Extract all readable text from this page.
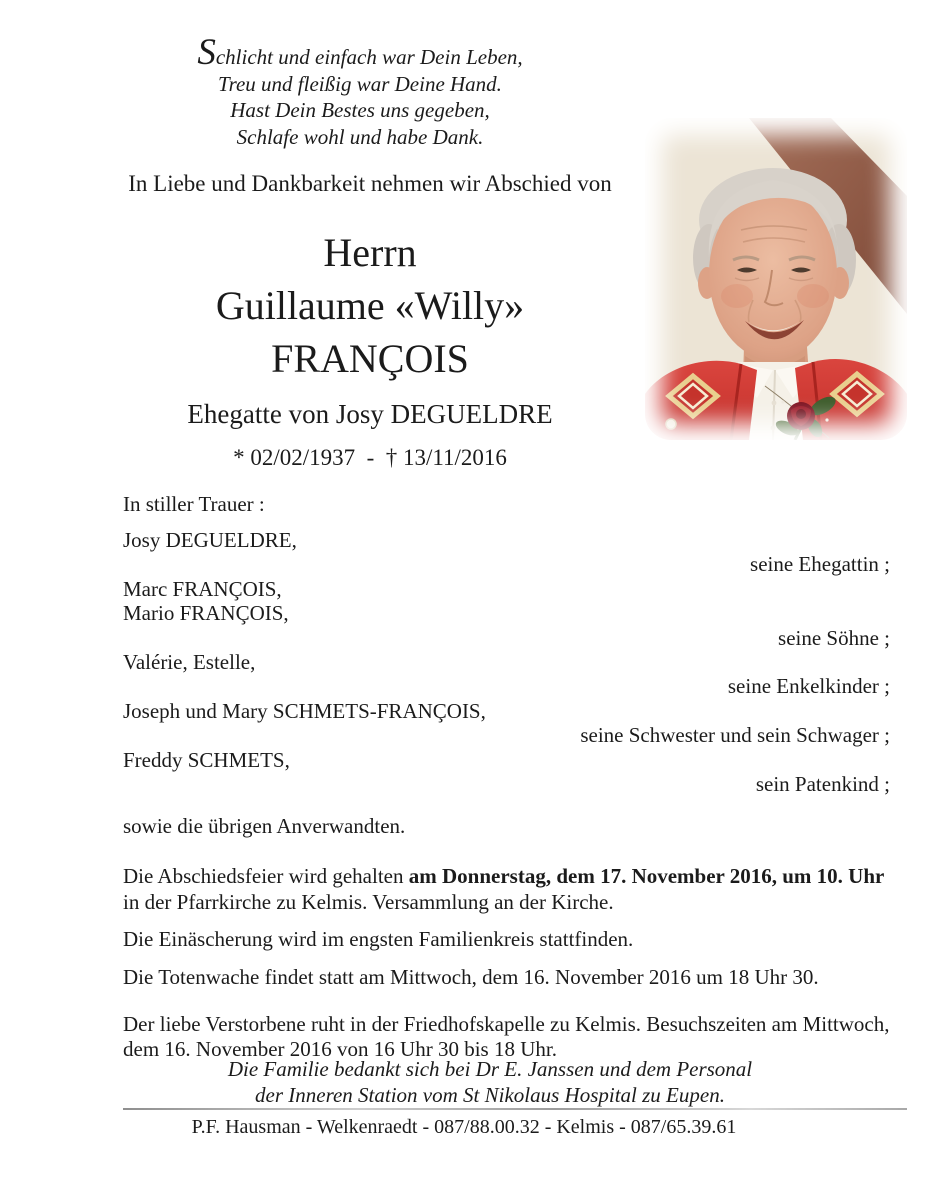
Schlicht und einfach war Dein Leben,
Treu und fleißig war Deine Hand.
Hast Dein Bestes uns gegeben,
Schlafe wohl und habe Dank.
In Liebe und Dankbarkeit nehmen wir Abschied von
Herrn
Guillaume «Willy»
FRANÇOIS
Ehegatte von Josy DEGUELDRE
* 02/02/1937 - † 13/11/2016
In stiller Trauer :
Josy DEGUELDRE,
seine Ehegattin ;
Marc FRANÇOIS,
Mario FRANÇOIS,
seine Söhne ;
Valérie, Estelle,
seine Enkelkinder ;
Joseph und Mary SCHMETS-FRANÇOIS,
seine Schwester und sein Schwager ;
Freddy SCHMETS,
sein Patenkind ;
sowie die übrigen Anverwandten.

Die Abschiedsfeier wird gehalten am Donnerstag, dem 17. November 2016, um 10. Uhr in der Pfarrkirche zu Kelmis. Versammlung an der Kirche.

Die Einäscherung wird im engsten Familienkreis stattfinden.

Die Totenwache findet statt am Mittwoch, dem 16. November 2016 um 18 Uhr 30.

Der liebe Verstorbene ruht in der Friedhofskapelle zu Kelmis. Besuchszeiten am Mittwoch, dem 16. November 2016 von 16 Uhr 30 bis 18 Uhr.

Die Familie bedankt sich bei Dr E. Janssen und dem Personal
der Inneren Station vom St Nikolaus Hospital zu Eupen.
P.F. Hausman - Welkenraedt - 087/88.00.32 - Kelmis - 087/65.39.61
